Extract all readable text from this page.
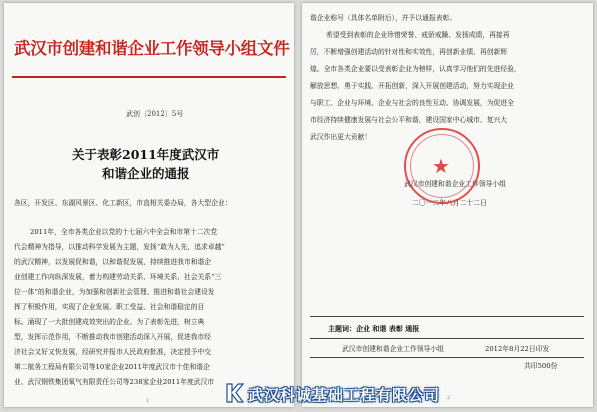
武汉市创建和谐企业工作领导小组文件
武创〔2012〕5号
关于表彰2011年度武汉市
和谐企业的通报
各区，开发区、东湖风景区、化工新区，市直相关委办局，各大型企业：
2011年，全市各类企业以党的十七届六中全会和市第十二次党
代会精神为指导，以推动科学发展为主题，发扬“敢为人先，追求卓越”
的武汉精神，以发展促和谐，以和谐促发展，持续推进我市和谐企
业创建工作向纵深发展，着力构建劳动关系、环境关系、社会关系“三
位一体”的和谐企业，为加强和创新社会管理、推进和谐社会建设发
挥了积极作用，实现了企业发展、职工受益、社会和谐稳定的目
标。涌现了一大批创建成效突出的企业。为了表彰先进，树立典
型，发挥示范作用，不断推动我市创建活动深入开展，促进我市经
济社会又好又快发展，经研究并报市人民政府批准，决定授予中交
第二航务工程局有限公司等10家企业2011年度武汉市十佳和谐企
业、武汉钢铁集团氧气有限责任公司等238家企业2011年度武汉市
1
谐企业称号（具体名单附后），并予以通报表彰。
希望受到表彰的企业珍惜荣誉、戒骄戒躁、发扬成绩，再接再
厉，不断增强创建活动的针对性和实效性，再创新业绩、再创新辉
煌。全市各类企业要以受表彰企业为榜样，认真学习他们的先进经验，
解放思想、勇于实践、开拓创新，深入开展创建活动，努力实现企业
与职工、企业与环境、企业与社会的良性互动、协调发展，为促进全
市经济持续健康发展与社会公平和谐，建设国家中心城市、复兴大
武汉作出更大贡献！
武汉市创建和谐企业工作领导小组
二〇一二年八月二十二日
主题词：企业 和谐 表彰 通报
武汉市创建和谐企业工作领导小组	2012年8月22日印发
共印500份
2
★
武汉科诚基础工程有限公司
